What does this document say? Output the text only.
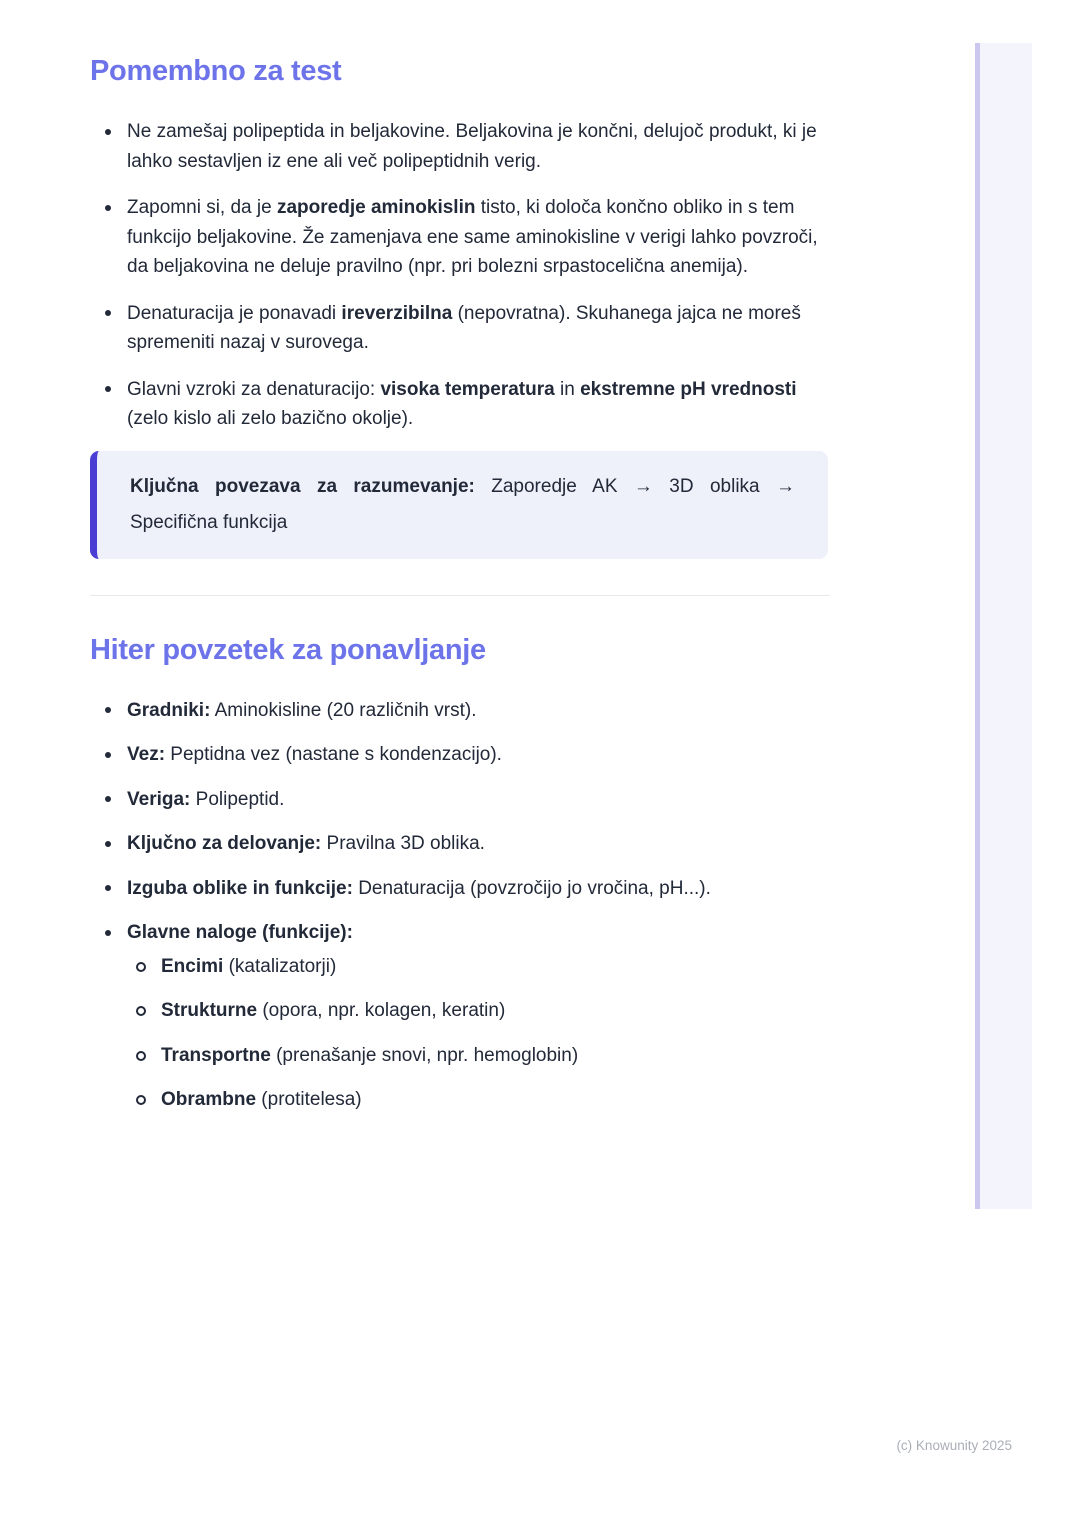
Pomembno za test
Ne zamešaj polipeptida in beljakovine. Beljakovina je končni, delujoč produkt, ki je lahko sestavljen iz ene ali več polipeptidnih verig.
Zapomni si, da je zaporedje aminokislin tisto, ki določa končno obliko in s tem funkcijo beljakovine. Že zamenjava ene same aminokisline v verigi lahko povzroči, da beljakovina ne deluje pravilno (npr. pri bolezni srpastocelična anemija).
Denaturacija je ponavadi ireverzibilna (nepovratna). Skuhanega jajca ne moreš spremeniti nazaj v surovega.
Glavni vzroki za denaturacijo: visoka temperatura in ekstremne pH vrednosti (zelo kislo ali zelo bazično okolje).
Ključna povezava za razumevanje: Zaporedje AK → 3D oblika →
Specifična funkcija
Hiter povzetek za ponavljanje
Gradniki: Aminokisline (20 različnih vrst).
Vez: Peptidna vez (nastane s kondenzacijo).
Veriga: Polipeptid.
Ključno za delovanje: Pravilna 3D oblika.
Izguba oblike in funkcije: Denaturacija (povzročijo jo vročina, pH...).
Glavne naloge (funkcije):
Encimi (katalizatorji)
Strukturne (opora, npr. kolagen, keratin)
Transportne (prenašanje snovi, npr. hemoglobin)
Obrambne (protitelesa)
(c) Knowunity 2025
